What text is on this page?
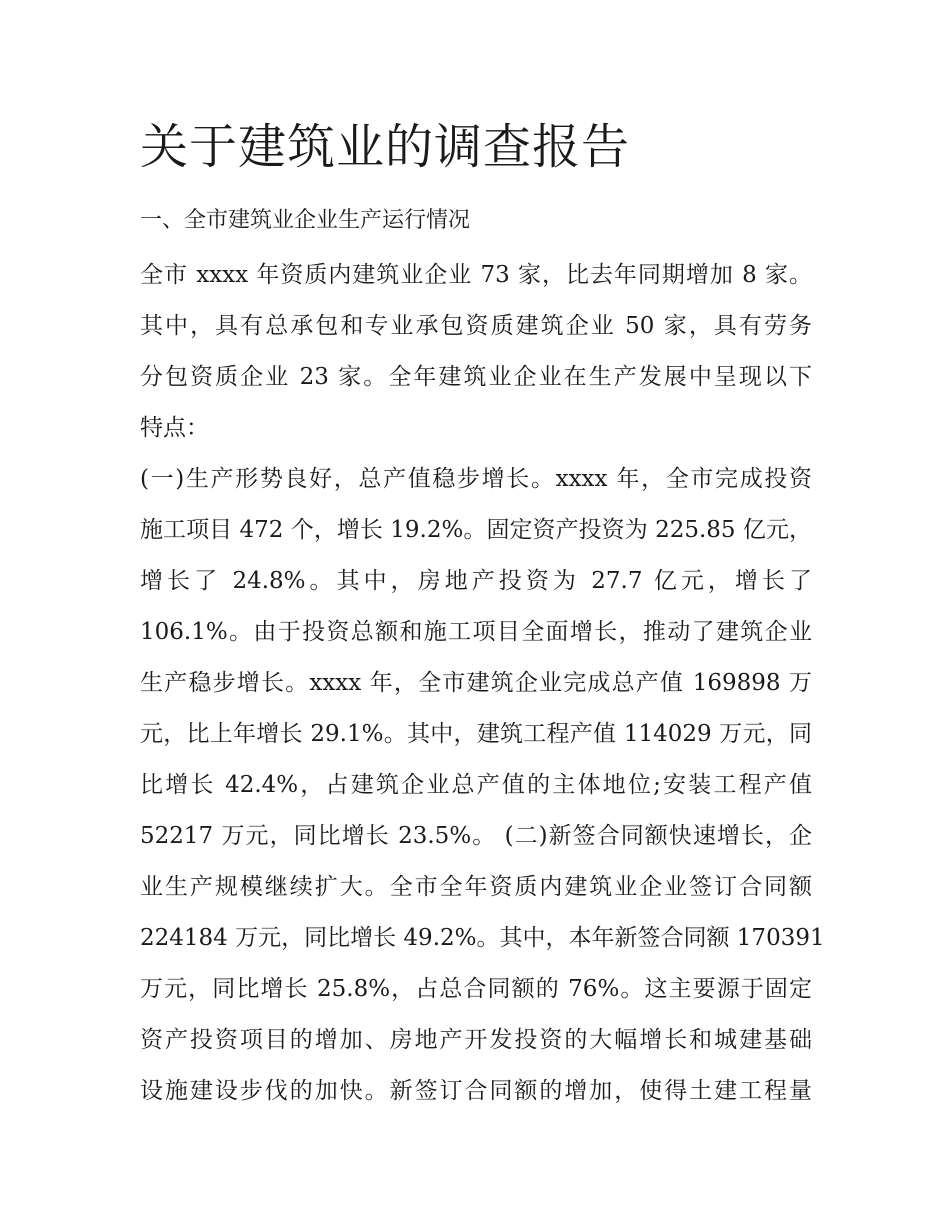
关于建筑业的调查报告
一、全市建筑业企业生产运行情况
全市 xxxx 年资质内建筑业企业 73 家，比去年同期增加 8 家。
其中，具有总承包和专业承包资质建筑企业 50 家，具有劳务
分包资质企业 23 家。全年建筑业企业在生产发展中呈现以下
特点：
(一)生产形势良好，总产值稳步增长。xxxx 年，全市完成投资
施工项目 472 个，增长 19.2%。固定资产投资为 225.85 亿元，
增长了 24.8%。其中，房地产投资为 27.7 亿元，增长了
106.1%。由于投资总额和施工项目全面增长，推动了建筑企业
生产稳步增长。xxxx 年，全市建筑企业完成总产值 169898 万
元，比上年增长 29.1%。其中，建筑工程产值 114029 万元，同
比增长 42.4%，占建筑企业总产值的主体地位;安装工程产值
52217 万元，同比增长 23.5%。 (二)新签合同额快速增长，企
业生产规模继续扩大。全市全年资质内建筑业企业签订合同额
224184 万元，同比增长 49.2%。其中，本年新签合同额 170391
万元，同比增长 25.8%，占总合同额的 76%。这主要源于固定
资产投资项目的增加、房地产开发投资的大幅增长和城建基础
设施建设步伐的加快。新签订合同额的增加，使得土建工程量
